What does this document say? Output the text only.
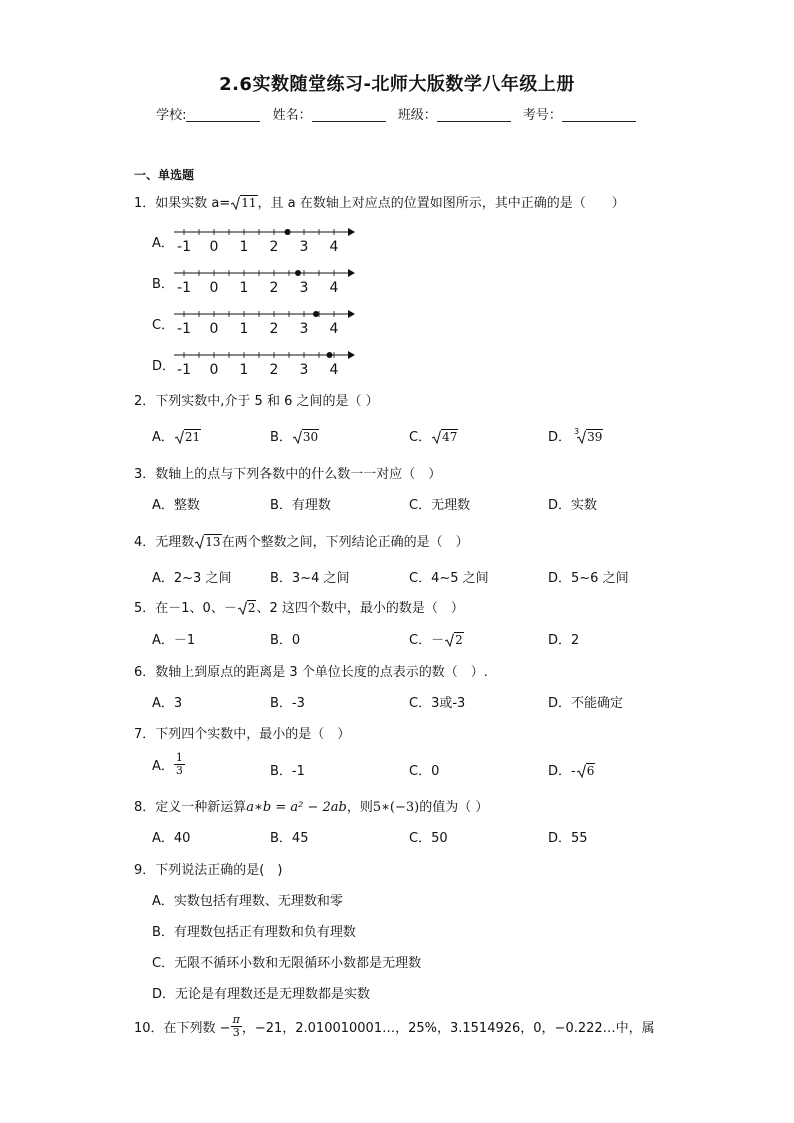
2.6实数随堂练习-北师大版数学八年级上册
学校:	姓名：	班级：	考号：
一、单选题
1．如果实数 a= 11，且 a 在数轴上对应点的位置如图所示，其中正确的是（　　）
A． -1 0 1 2 3 4
B． -1 0 1 2 3 4
C． -1 0 1 2 3 4
D． -1 0 1 2 3 4
2．下列实数中,介于 5 和 6 之间的是（ ）
A． 21	B． 30	C． 47	D． $^3$ 39
3．数轴上的点与下列各数中的什么数一一对应（　）
A．整数	B．有理数	C．无理数	D．实数
4．无理数 13在两个整数之间，下列结论正确的是（　）
A．2~3 之间	B．3~4 之间	C．4~5 之间	D．5~6 之间
5．在－1、0、－ 2、2 这四个数中，最小的数是（　）
A．－1	B．0	C．－ 2	D．2
6．数轴上到原点的距离是 3 个单位长度的点表示的数（　）.
A．3	B．-3	C．3或-3	D．不能确定
7．下列四个实数中，最小的是（　）
A． $\frac{1}{3}$	B．-1	C．0	D．- 6
8．定义一种新运算a∗b = a² − 2ab，则5∗(−3)的值为（ ）
A．40	B．45	C．50	D．55
9．下列说法正确的是(　)
A．实数包括有理数、无理数和零
B．有理数包括正有理数和负有理数
C．无限不循环小数和无限循环小数都是无理数
D．无论是有理数还是无理数都是实数
10．在下列数 − $\frac{\pi}{3}$ ，−21，2.010010001…，25%，3.1514926，0，−0.222…中，属
